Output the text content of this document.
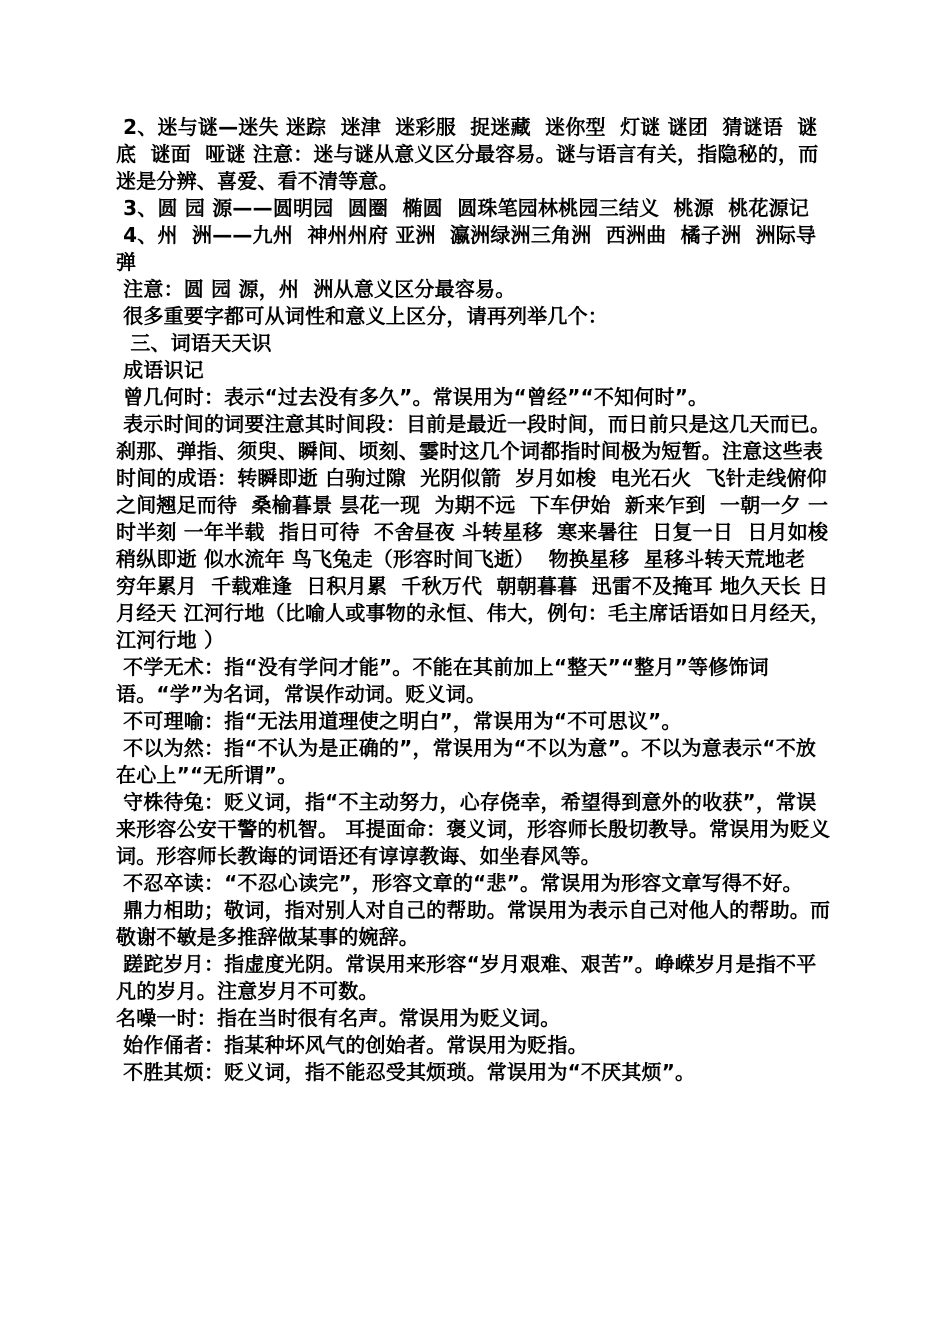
2、迷与谜—迷失 迷踪  迷津  迷彩服  捉迷藏  迷你型  灯谜 谜团  猜谜语  谜底  谜面  哑谜 注意：迷与谜从意义区分最容易。谜与语言有关，指隐秘的，而迷是分辨、喜爱、看不清等意。

3、圆 园 源——圆明园  圆圈  椭圆  圆珠笔园林桃园三结义  桃源  桃花源记

4、州  洲——九州  神州州府 亚洲  瀛洲绿洲三角洲  西洲曲  橘子洲  洲际导弹

注意：圆 园 源，州  洲从意义区分最容易。

很多重要字都可从词性和意义上区分，请再列举几个：

三、词语天天识

成语识记

曾几何时：表示“过去没有多久”。常误用为“曾经”“不知何时”。

表示时间的词要注意其时间段：目前是最近一段时间，而日前只是这几天而已。刹那、弹指、须臾、瞬间、顷刻、霎时这几个词都指时间极为短暂。注意这些表时间的成语：转瞬即逝 白驹过隙  光阴似箭  岁月如梭  电光石火  飞针走线俯仰之间翘足而待  桑榆暮景 昙花一现  为期不远  下车伊始  新来乍到  一朝一夕 一时半刻 一年半载  指日可待  不舍昼夜 斗转星移  寒来暑往  日复一日  日月如梭稍纵即逝 似水流年 鸟飞兔走（形容时间飞逝）  物换星移  星移斗转天荒地老  穷年累月  千载难逢  日积月累  千秋万代  朝朝暮暮  迅雷不及掩耳 地久天长 日月经天 江河行地（比喻人或事物的永恒、伟大，例句：毛主席话语如日月经天，江河行地 ）

不学无术：指“没有学问才能”。不能在其前加上“整天”“整月”等修饰词语。“学”为名词，常误作动词。贬义词。

不可理喻：指“无法用道理使之明白”，常误用为“不可思议”。

不以为然：指“不认为是正确的”，常误用为“不以为意”。不以为意表示“不放在心上”“无所谓”。

守株待兔：贬义词，指“不主动努力，心存侥幸，希望得到意外的收获”，常误来形容公安干警的机智。 耳提面命：褒义词，形容师长殷切教导。常误用为贬义词。形容师长教诲的词语还有谆谆教诲、如坐春风等。

不忍卒读：“不忍心读完”，形容文章的“悲”。常误用为形容文章写得不好。

鼎力相助；敬词，指对别人对自己的帮助。常误用为表示自己对他人的帮助。而敬谢不敏是多推辞做某事的婉辞。

蹉跎岁月：指虚度光阴。常误用来形容“岁月艰难、艰苦”。峥嵘岁月是指不平凡的岁月。注意岁月不可数。

名噪一时：指在当时很有名声。常误用为贬义词。

始作俑者：指某种坏风气的创始者。常误用为贬指。

不胜其烦：贬义词，指不能忍受其烦琐。常误用为“不厌其烦”。
